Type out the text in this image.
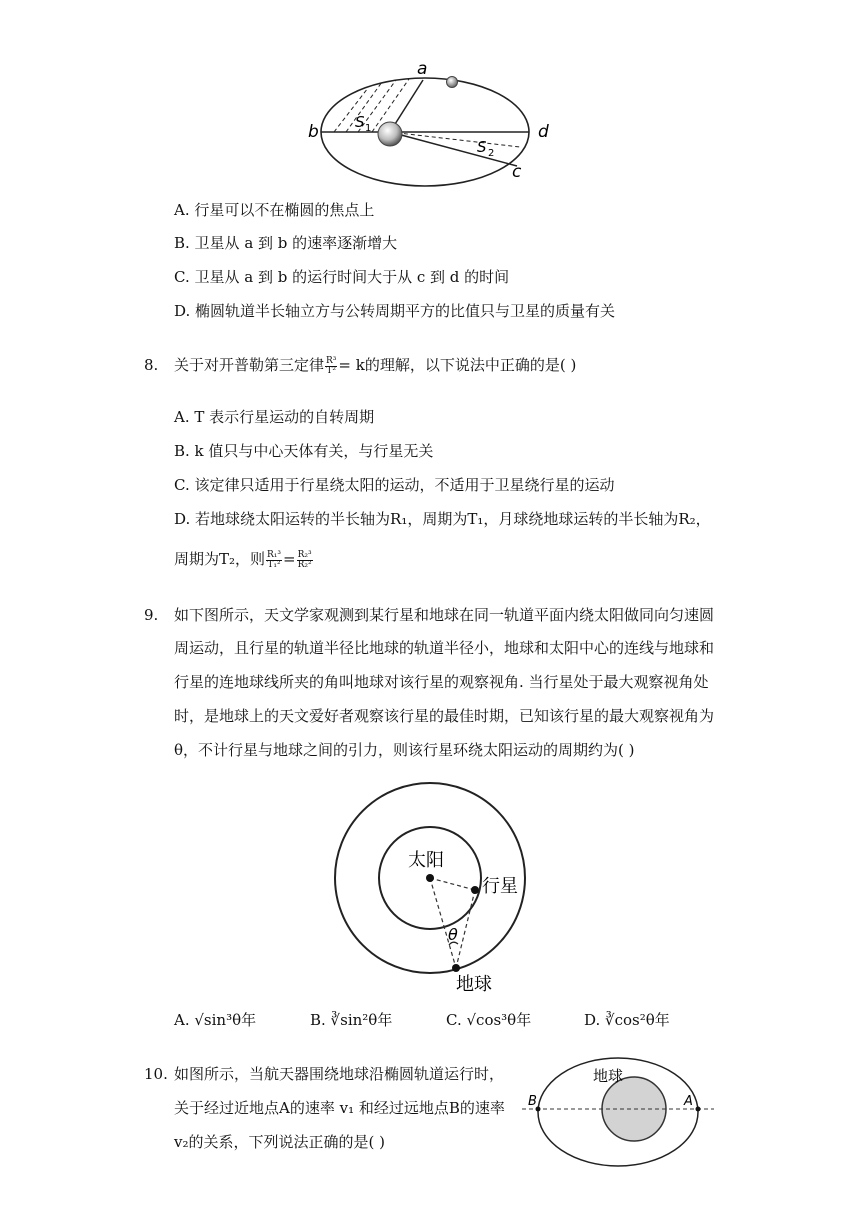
a
b	d
c
S 1
S 2
A. 行星可以不在椭圆的焦点上
B. 卫星从 a 到 b 的速率逐渐增大
C. 卫星从 a 到 b 的运行时间大于从 c 到 d 的时间
D. 椭圆轨道半长轴立方与公转周期平方的比值只与卫星的质量有关
8. 关于对开普勒第三定律 $\frac{\text{R³}}{\text{T²}} = k$的理解，以下说法中正确的是( )
A. T 表示行星运动的自转周期
B. k 值只与中心天体有关，与行星无关
C. 该定律只适用于行星绕太阳的运动，不适用于卫星绕行星的运动
D. 若地球绕太阳运转的半长轴为R₁，周期为T₁，月球绕地球运转的半长轴为R₂，
周期为T₂，则 $\frac{\text{R₁³}}{\text{T₁²}} = \frac{\text{R₂³}}{\text{R₂²}}$
9. 如下图所示，天文学家观测到某行星和地球在同一轨道平面内绕太阳做同向匀速圆
周运动，且行星的轨道半径比地球的轨道半径小，地球和太阳中心的连线与地球和
行星的连地球线所夹的角叫地球对该行星的观察视角. 当行星处于最大观察视角处
时，是地球上的天文爱好者观察该行星的最佳时期，已知该行星的最大观察视角为
θ，不计行星与地球之间的引力，则该行星环绕太阳运动的周期约为( )
太阳
行星
θ
地球
A. √sin³θ年	B. ∛sin²θ年	C. √cos³θ年	D. ∛cos²θ年
10. 如图所示，当航天器围绕地球沿椭圆轨道运行时，
关于经过近地点A的速率 v₁ 和经过远地点B的速率
v₂的关系，下列说法正确的是( )
地球
B	A
